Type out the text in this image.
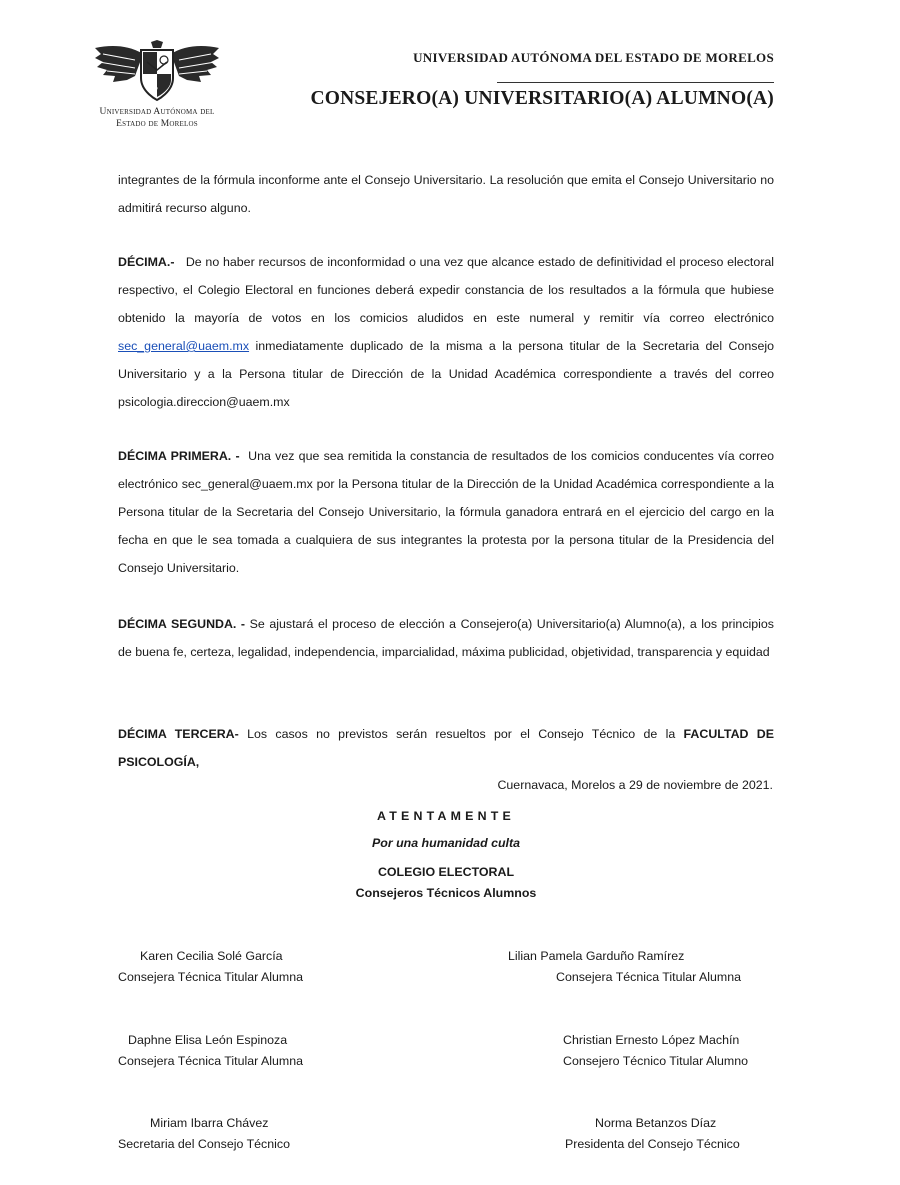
Universidad Autónoma del
Estado de Morelos
UNIVERSIDAD AUTÓNOMA DEL ESTADO DE MORELOS
CONSEJERO(A) UNIVERSITARIO(A) ALUMNO(A)
integrantes de la fórmula inconforme ante el Consejo Universitario. La resolución que emita el Consejo Universitario no admitirá recurso alguno.
DÉCIMA.- De no haber recursos de inconformidad o una vez que alcance estado de definitividad el proceso electoral respectivo, el Colegio Electoral en funciones deberá expedir constancia de los resultados a la fórmula que hubiese obtenido la mayoría de votos en los comicios aludidos en este numeral y remitir vía correo electrónico sec_general@uaem.mx inmediatamente duplicado de la misma a la persona titular de la Secretaria del Consejo Universitario y a la Persona titular de Dirección de la Unidad Académica correspondiente a través del correo psicologia.direccion@uaem.mx
DÉCIMA PRIMERA. - Una vez que sea remitida la constancia de resultados de los comicios conducentes vía correo electrónico sec_general@uaem.mx por la Persona titular de la Dirección de la Unidad Académica correspondiente a la Persona titular de la Secretaria del Consejo Universitario, la fórmula ganadora entrará en el ejercicio del cargo en la fecha en que le sea tomada a cualquiera de sus integrantes la protesta por la persona titular de la Presidencia del Consejo Universitario.
DÉCIMA SEGUNDA. - Se ajustará el proceso de elección a Consejero(a) Universitario(a) Alumno(a), a los principios de buena fe, certeza, legalidad, independencia, imparcialidad, máxima publicidad, objetividad, transparencia y equidad
DÉCIMA TERCERA- Los casos no previstos serán resueltos por el Consejo Técnico de la FACULTAD DE PSICOLOGÍA,
Cuernavaca, Morelos a 29 de noviembre de 2021.
ATENTAMENTE
Por una humanidad culta
COLEGIO ELECTORAL
Consejeros Técnicos Alumnos
Karen Cecilia Solé García
Consejera Técnica Titular Alumna
Lilian Pamela Garduño Ramírez
Consejera Técnica Titular Alumna
Daphne Elisa León Espinoza
Consejera Técnica Titular Alumna
Christian Ernesto López Machín
Consejero Técnico Titular Alumno
Miriam Ibarra Chávez
Secretaria del Consejo Técnico
Norma Betanzos Díaz
Presidenta del Consejo Técnico
